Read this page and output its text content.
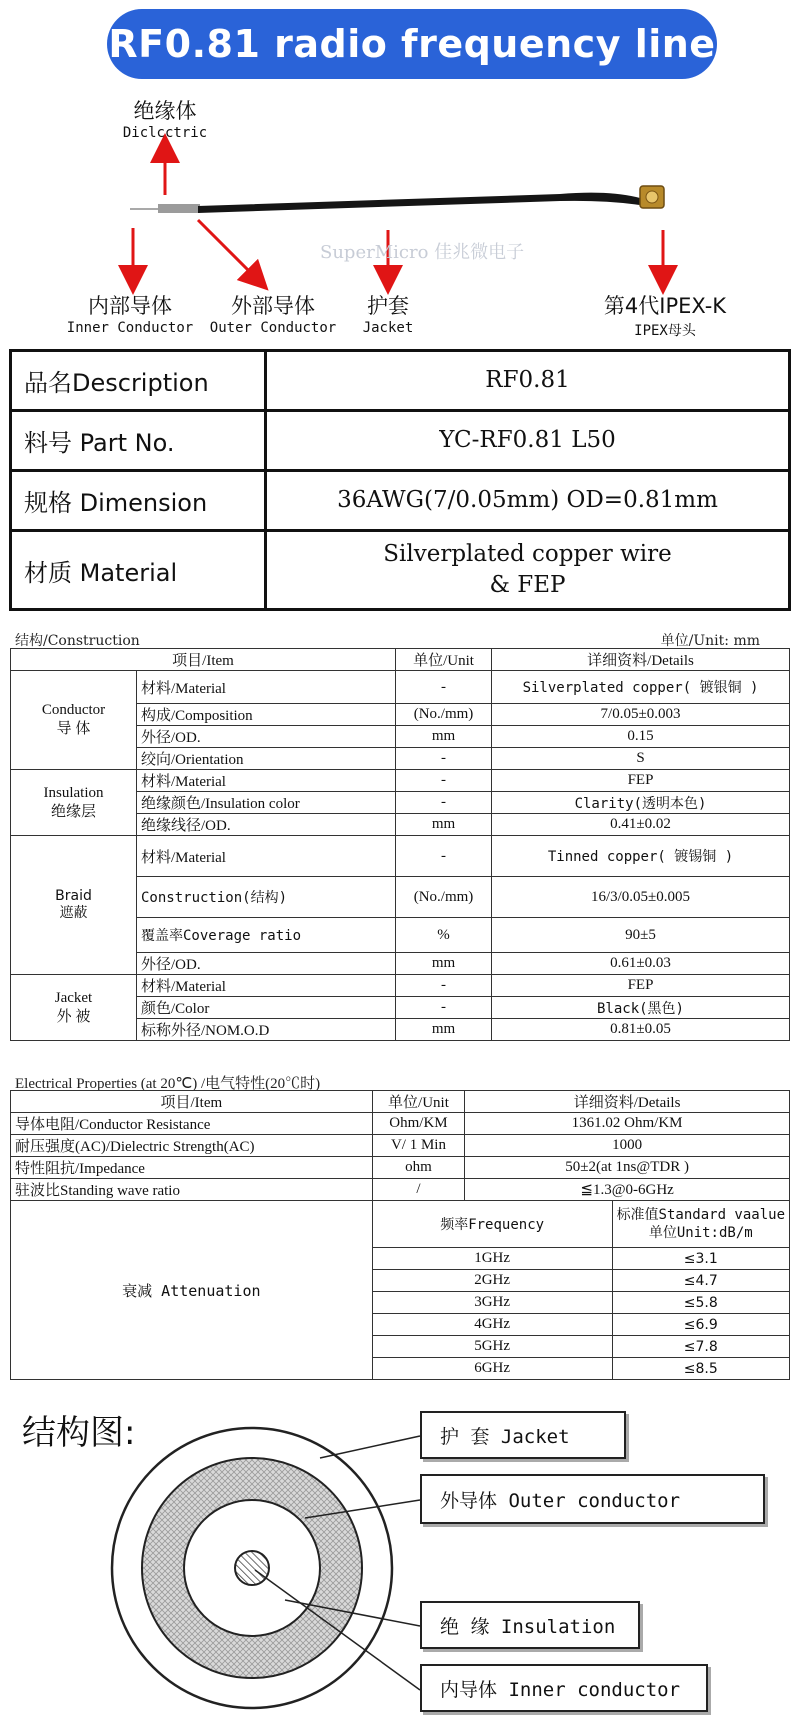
RF0.81 radio frequency line
SuperMicro 佳兆微电子
绝缘体
Diclcctric
内部导体
Inner Conductor
外部导体
Outer Conductor
护套
Jacket
第4代IPEX-K
IPEX母头
品名Description	RF0.81
料号 Part No.	YC-RF0.81 L50
规格 Dimension	36AWG(7/0.05mm) OD=0.81mm
材质 Material	Silverplated copper wire
& FEP
结构/Construction	单位/Unit: mm
项目/Item		单位/Unit	详细资料/Details

Conductor
导 体	材料/Material	-	Silverplated copper( 镀银铜 )
	构成/Composition	(No./mm)	7/0.05±0.003
	外径/OD.	mm	0.15
	绞向/Orientation	-	S

Insulation
绝缘层	材料/Material	-	FEP
	绝缘颜色/Insulation color	-	Clarity(透明本色)
	绝缘线径/OD.	mm	0.41±0.02

Braid
遮蔽	材料/Material	-	Tinned copper( 镀锡铜 )
	Construction(结构)	(No./mm)	16/3/0.05±0.005
	覆盖率Coverage ratio	%	90±5
	外径/OD.	mm	0.61±0.03

Jacket
外 被	材料/Material	-	FEP
	颜色/Color	-	Black(黑色)
	标称外径/NOM.O.D	mm	0.81±0.05
Electrical Properties (at 20℃) /电气特性(20℃时)
项目/Item	单位/Unit	详细资料/Details	
导体电阻/Conductor Resistance	Ohm/KM	1361.02 Ohm/KM	
耐压强度(AC)/Dielectric Strength(AC)	V/ 1 Min	1000	
特性阻抗/Impedance	ohm	50±2(at 1ns@TDR )	
驻波比Standing wave ratio	/	≦1.3@0-6GHz	
衰减 Attenuation	频率Frequency		标准值Standard vaalue
单位Unit:dB/m

	1GHz		≤3.1
	2GHz		≤4.7
	3GHz		≤5.8
	4GHz		≤6.9
	5GHz		≤7.8
	6GHz		≤8.5
结构图:	护 套 Jacket
外导体 Outer conductor
绝 缘 Insulation
内导体 Inner conductor
